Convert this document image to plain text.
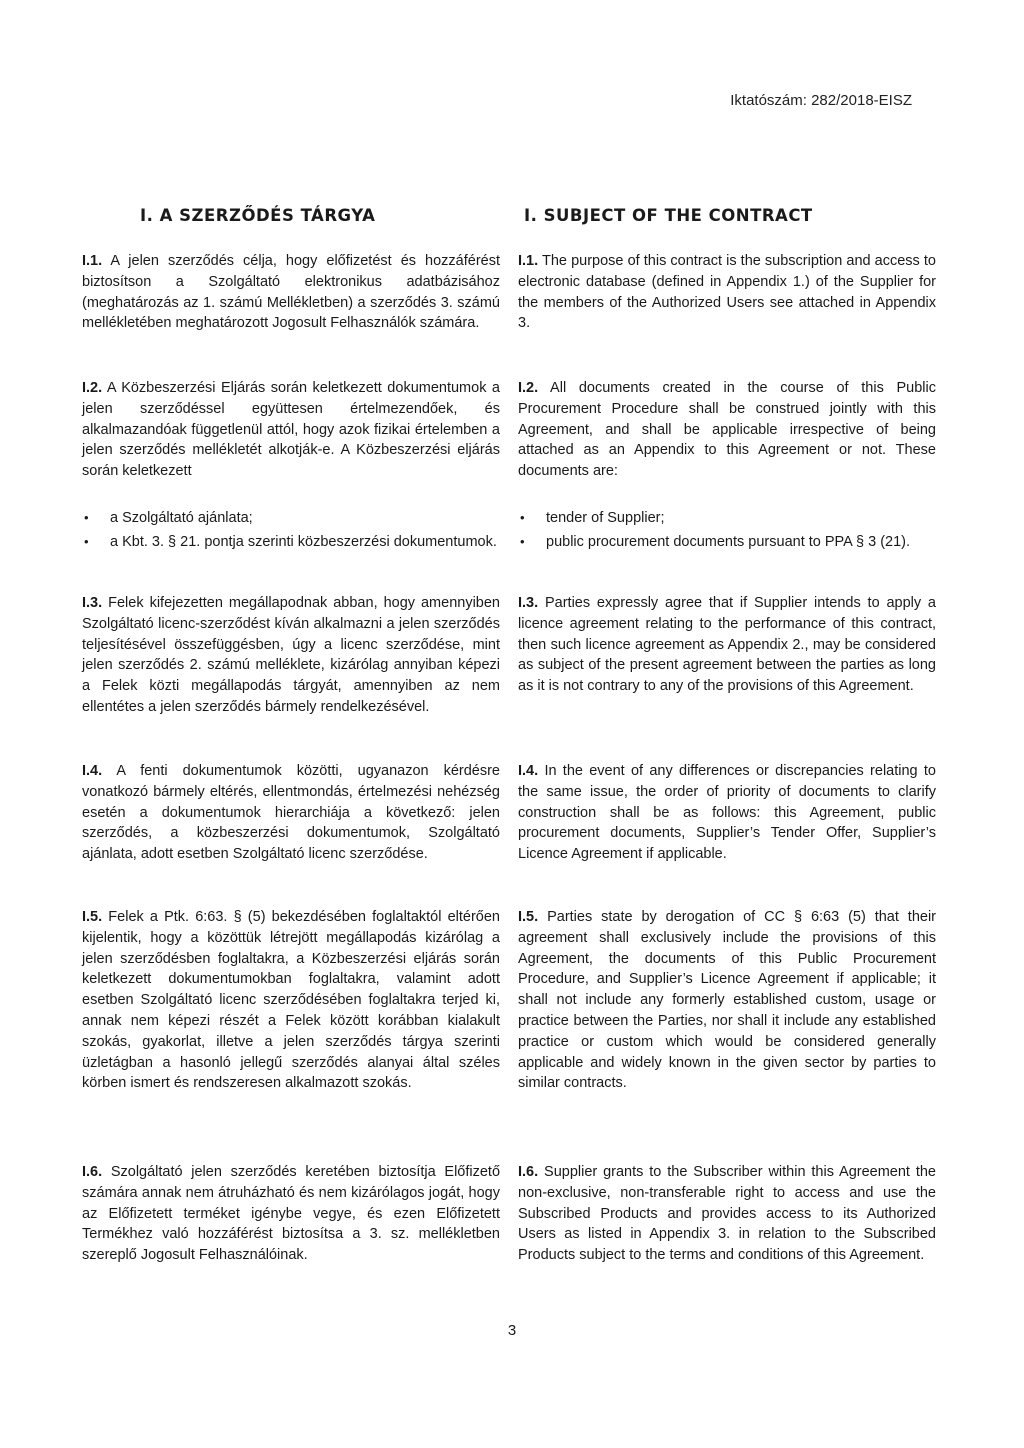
Iktatószám: 282/2018-EISZ
I. A SZERZŐDÉS TÁRGYA	I. SUBJECT OF THE CONTRACT

I.1. A jelen szerződés célja, hogy előfizetést és hozzáférést biztosítson a Szolgáltató elektronikus adatbázisához (meghatározás az 1. számú Mellékletben) a szerződés 3. számú mellékletében meghatározott Jogosult Felhasználók számára.

I.2. A Közbeszerzési Eljárás során keletkezett dokumentumok a jelen szerződéssel együttesen értelmezendőek, és alkalmazandóak függetlenül attól, hogy azok fizikai értelemben a jelen szerződés mellékletét alkotják-e. A Közbeszerzési eljárás során keletkezett

• a Szolgáltató ajánlata;
• a Kbt. 3. § 21. pontja szerinti közbeszerzési dokumentumok.

I.3. Felek kifejezetten megállapodnak abban, hogy amennyiben Szolgáltató licenc-szerződést kíván alkalmazni a jelen szerződés teljesítésével összefüggésben, úgy a licenc szerződése, mint jelen szerződés 2. számú melléklete, kizárólag annyiban képezi a Felek közti megállapodás tárgyát, amennyiben az nem ellentétes a jelen szerződés bármely rendelkezésével.

I.4. A fenti dokumentumok közötti, ugyanazon kérdésre vonatkozó bármely eltérés, ellentmondás, értelmezési nehézség esetén a dokumentumok hierarchiája a következő: jelen szerződés, a közbeszerzési dokumentumok, Szolgáltató ajánlata, adott esetben Szolgáltató licenc szerződése.

I.5. Felek a Ptk. 6:63. § (5) bekezdésében foglaltaktól eltérően kijelentik, hogy a közöttük létrejött megállapodás kizárólag a jelen szerződésben foglaltakra, a Közbeszerzési eljárás során keletkezett dokumentumokban foglaltakra, valamint adott esetben Szolgáltató licenc szerződésében foglaltakra terjed ki, annak nem képezi részét a Felek között korábban kialakult szokás, gyakorlat, illetve a jelen szerződés tárgya szerinti üzletágban a hasonló jellegű szerződés alanyai által széles körben ismert és rendszeresen alkalmazott szokás.

I.6. Szolgáltató jelen szerződés keretében biztosítja Előfizető számára annak nem átruházható és nem kizárólagos jogát, hogy az Előfizetett terméket igénybe vegye, és ezen Előfizetett Termékhez való hozzáférést biztosítsa a 3. sz. mellékletben szereplő Jogosult Felhasználóinak.

I.1. The purpose of this contract is the subscription and access to electronic database (defined in Appendix 1.) of the Supplier for the members of the Authorized Users see attached in Appendix 3.

I.2. All documents created in the course of this Public Procurement Procedure shall be construed jointly with this Agreement, and shall be applicable irrespective of being attached as an Appendix to this Agreement or not. These documents are:

• tender of Supplier;
• public procurement documents pursuant to PPA § 3 (21).

I.3. Parties expressly agree that if Supplier intends to apply a licence agreement relating to the performance of this contract, then such licence agreement as Appendix 2., may be considered as subject of the present agreement between the parties as long as it is not contrary to any of the provisions of this Agreement.

I.4. In the event of any differences or discrepancies relating to the same issue, the order of priority of documents to clarify construction shall be as follows: this Agreement, public procurement documents, Supplier’s Tender Offer, Supplier’s Licence Agreement if applicable.

I.5. Parties state by derogation of CC § 6:63 (5) that their agreement shall exclusively include the provisions of this Agreement, the documents of this Public Procurement Procedure, and Supplier’s Licence Agreement if applicable; it shall not include any formerly established custom, usage or practice between the Parties, nor shall it include any established practice or custom which would be considered generally applicable and widely known in the given sector by parties to similar contracts.

I.6. Supplier grants to the Subscriber within this Agreement the non-exclusive, non-transferable right to access and use the Subscribed Products and provides access to its Authorized Users as listed in Appendix 3. in relation to the Subscribed Products subject to the terms and conditions of this Agreement.

3
